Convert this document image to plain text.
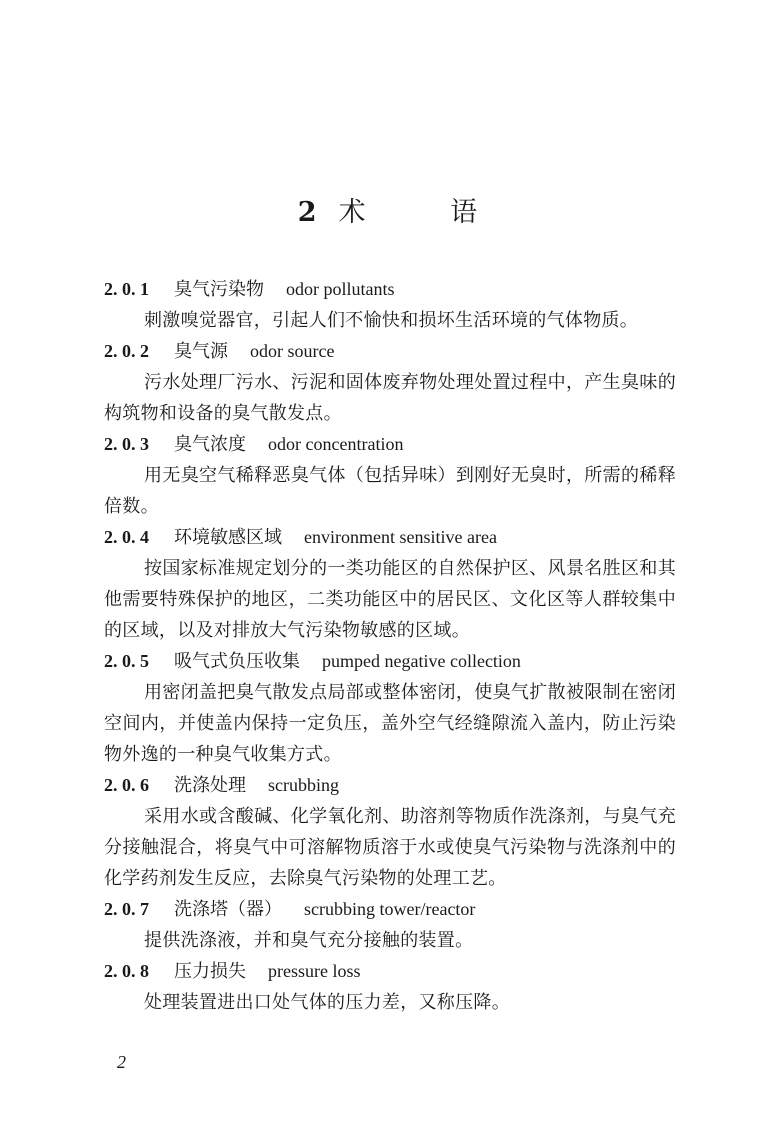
2 术 语
2. 0. 1 臭气污染物 odor pollutants

刺激嗅觉器官，引起人们不愉快和损坏生活环境的气体物质。

2. 0. 2 臭气源 odor source

污水处理厂污水、污泥和固体废弃物处理处置过程中，产生臭味的构筑物和设备的臭气散发点。

2. 0. 3 臭气浓度 odor concentration

用无臭空气稀释恶臭气体（包括异味）到刚好无臭时，所需的稀释倍数。

2. 0. 4 环境敏感区域 environment sensitive area

按国家标准规定划分的一类功能区的自然保护区、风景名胜区和其他需要特殊保护的地区，二类功能区中的居民区、文化区等人群较集中的区域，以及对排放大气污染物敏感的区域。

2. 0. 5 吸气式负压收集 pumped negative collection

用密闭盖把臭气散发点局部或整体密闭，使臭气扩散被限制在密闭空间内，并使盖内保持一定负压，盖外空气经缝隙流入盖内，防止污染物外逸的一种臭气收集方式。

2. 0. 6 洗涤处理 scrubbing

采用水或含酸碱、化学氧化剂、助溶剂等物质作洗涤剂，与臭气充分接触混合，将臭气中可溶解物质溶于水或使臭气污染物与洗涤剂中的化学药剂发生反应，去除臭气污染物的处理工艺。

2. 0. 7 洗涤塔（器） scrubbing tower/reactor

提供洗涤液，并和臭气充分接触的装置。

2. 0. 8 压力损失 pressure loss

处理装置进出口处气体的压力差，又称压降。

2
